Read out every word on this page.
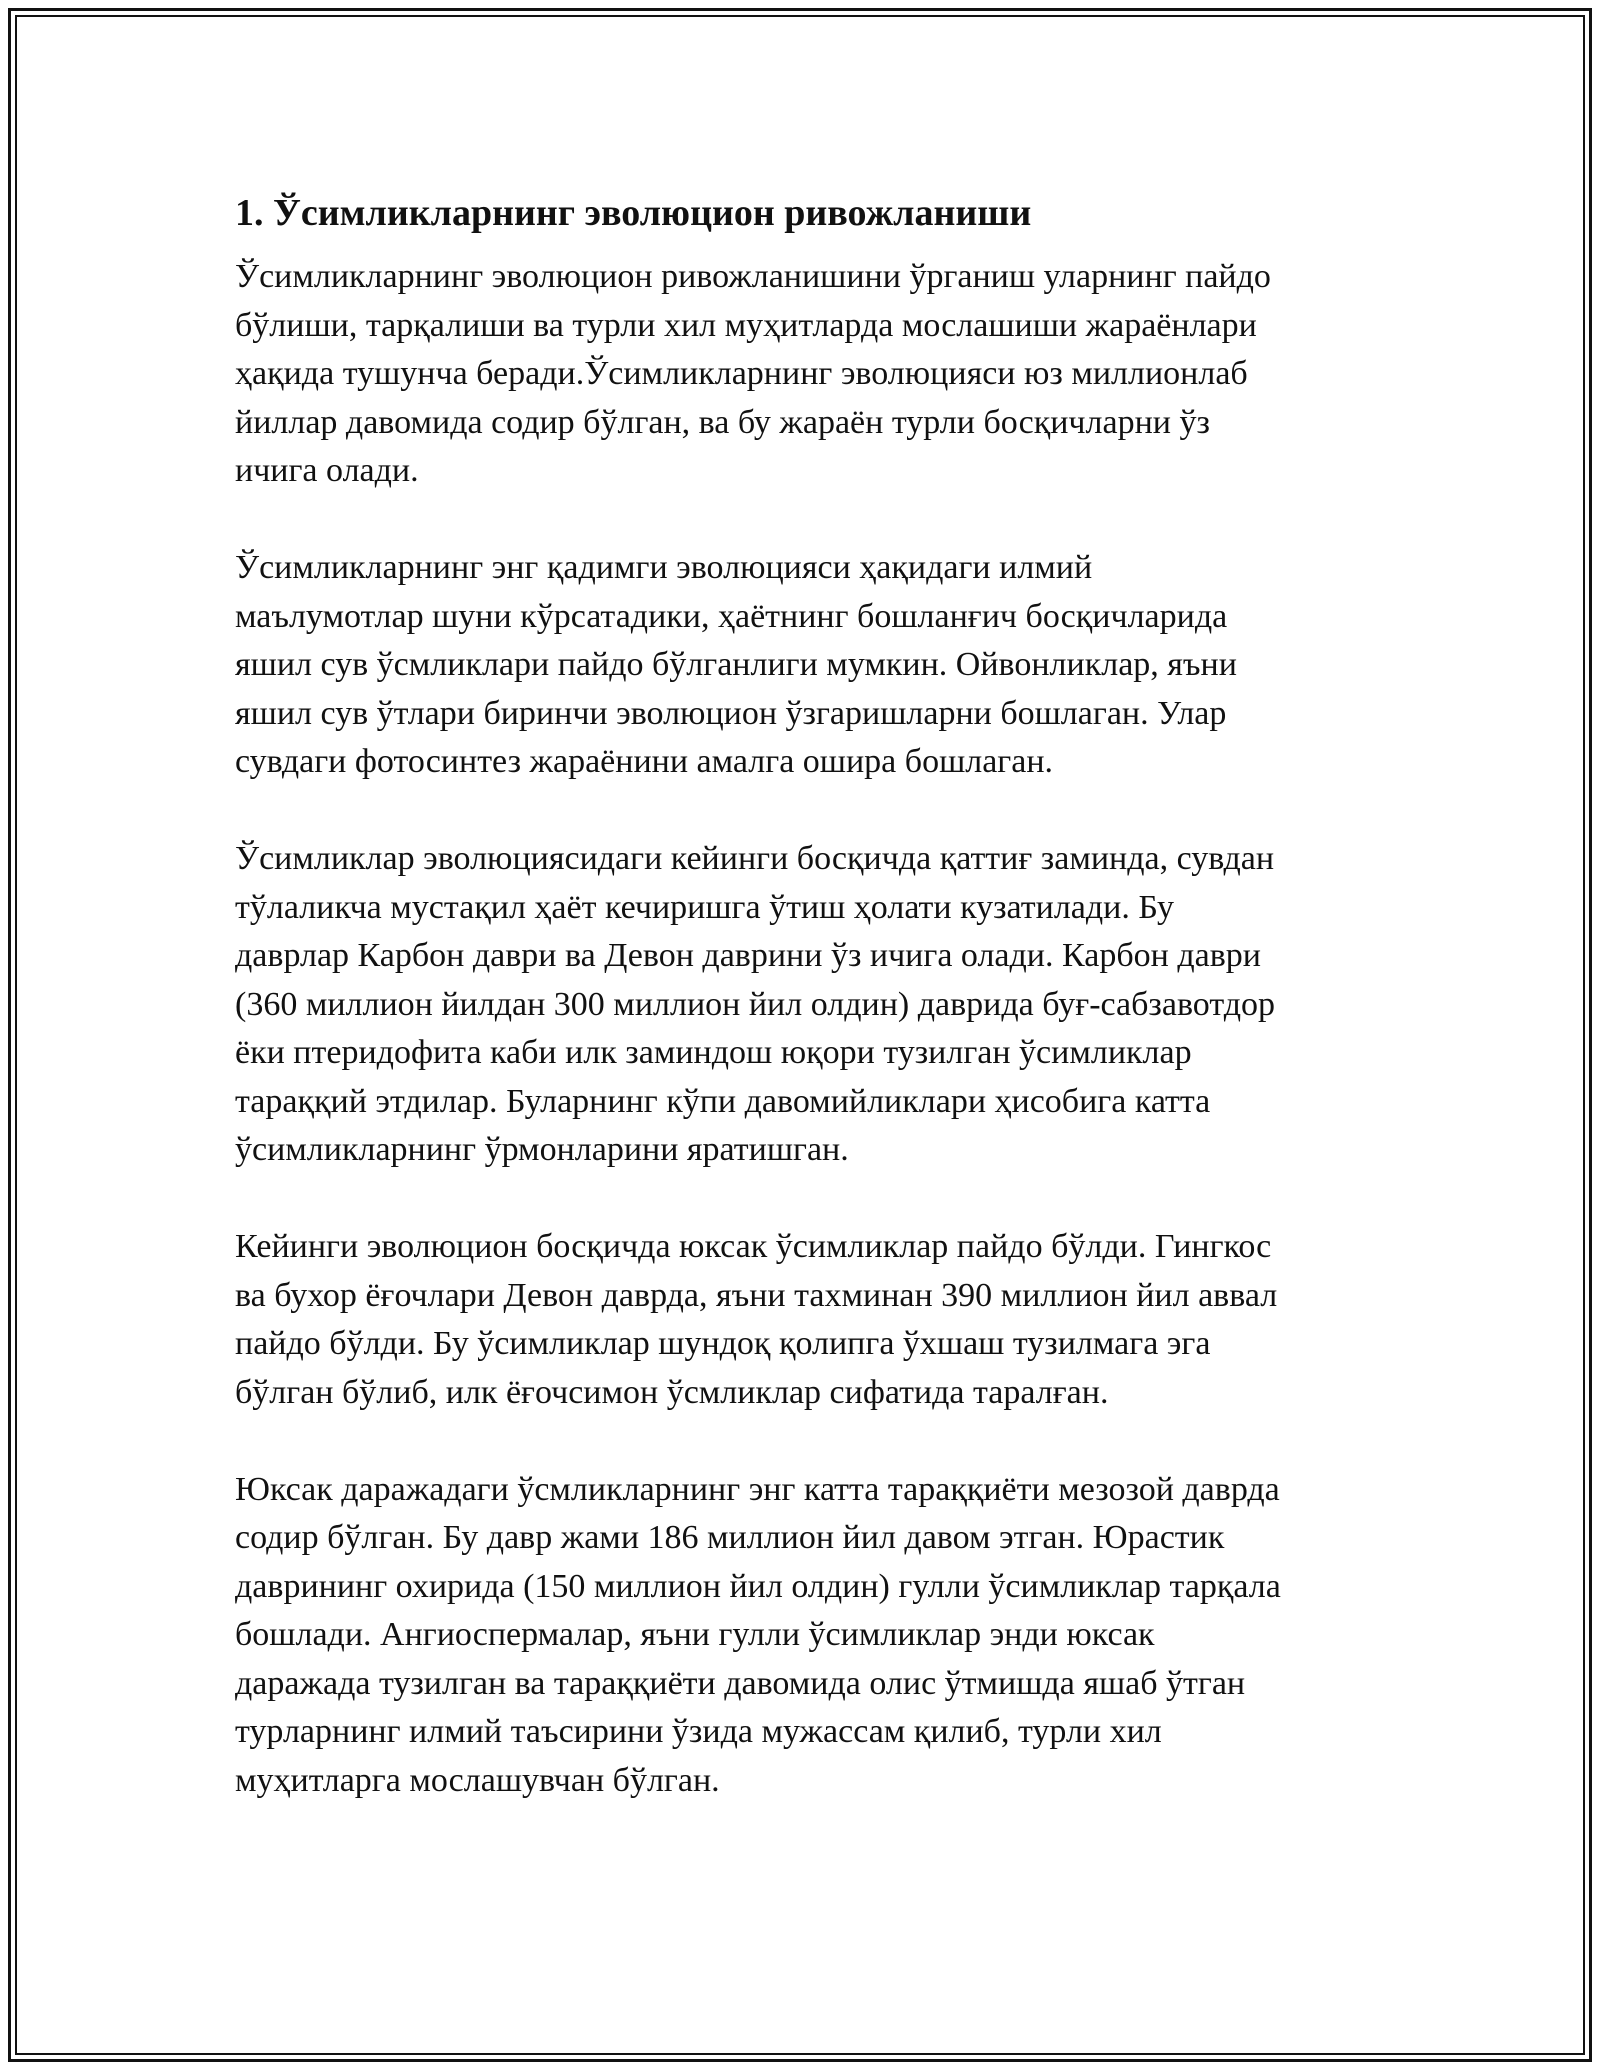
1. Ўсимликларнинг эволюцион ривожланиши

Ўсимликларнинг эволюцион ривожланишини ўрганиш уларнинг пайдо
бўлиши, тарқалиши ва турли хил муҳитларда мослашиши жараёнлари
ҳақида тушунча беради.Ўсимликларнинг эволюцияси юз миллионлаб
йиллар давомида содир бўлган, ва бу жараён турли босқичларни ўз
ичига олади.

Ўсимликларнинг энг қадимги эволюцияси ҳақидаги илмий
маълумотлар шуни кўрсатадики, ҳаётнинг бошланғич босқичларида
яшил сув ўсмликлари пайдо бўлганлиги мумкин. Ойвонликлар, яъни
яшил сув ўтлари биринчи эволюцион ўзгаришларни бошлаган. Улар
сувдаги фотосинтез жараёнини амалга ошира бошлаган.

Ўсимликлар эволюциясидаги кейинги босқичда қаттиғ заминда, сувдан
тўлаликча мустақил ҳаёт кечиришга ўтиш ҳолати кузатилади. Бу
даврлар Карбон даври ва Девон даврини ўз ичига олади. Карбон даври
(360 миллион йилдан 300 миллион йил олдин) даврида буғ-сабзавотдор
ёки птеридофита каби илк заминдош юқори тузилган ўсимликлар
тараққий этдилар. Буларнинг кўпи давомийликлари ҳисобига катта
ўсимликларнинг ўрмонларини яратишган.

Кейинги эволюцион босқичда юксак ўсимликлар пайдо бўлди. Гингкос
ва бухор ёғочлари Девон даврда, яъни тахминан 390 миллион йил аввал
пайдо бўлди. Бу ўсимликлар шундоқ қолипга ўхшаш тузилмага эга
бўлган бўлиб, илк ёғочсимон ўсмликлар сифатида таралған.

Юксак даражадаги ўсмликларнинг энг катта тараққиёти мезозой даврда
содир бўлган. Бу давр жами 186 миллион йил давом этган. Юрастик
даврининг охирида (150 миллион йил олдин) гулли ўсимликлар тарқала
бошлади. Ангиоспермалар, яъни гулли ўсимликлар энди юксак
даражада тузилган ва тараққиёти давомида олис ўтмишда яшаб ўтган
турларнинг илмий таъсирини ўзида мужассам қилиб, турли хил
муҳитларга мослашувчан бўлган.
